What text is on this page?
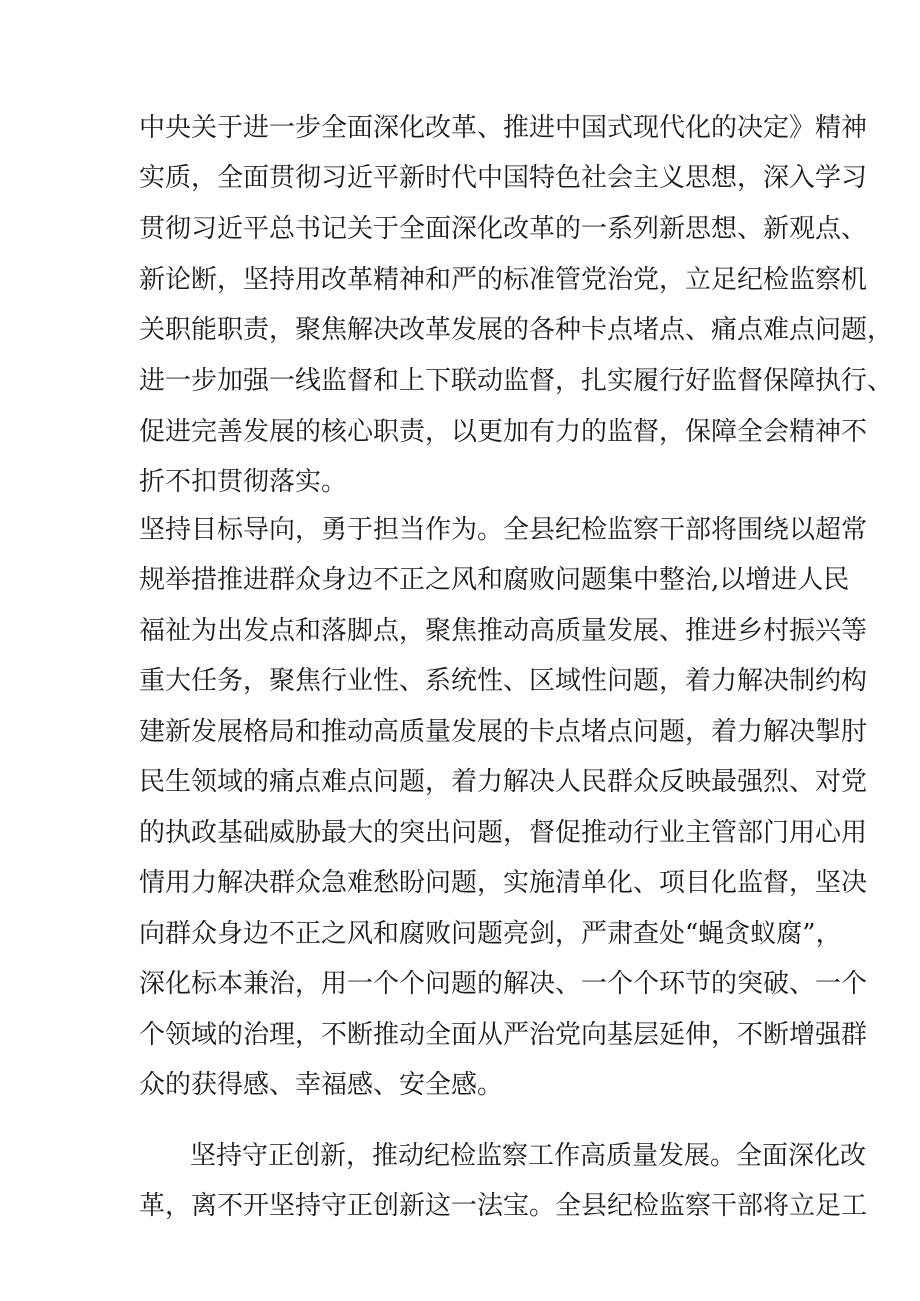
中央关于进一步全面深化改革、推进中国式现代化的决定》精神

实质，全面贯彻习近平新时代中国特色社会主义思想，深入学习

贯彻习近平总书记关于全面深化改革的一系列新思想、新观点、

新论断，坚持用改革精神和严的标准管党治党，立足纪检监察机

关职能职责，聚焦解决改革发展的各种卡点堵点、痛点难点问题，

进一步加强一线监督和上下联动监督，扎实履行好监督保障执行、

促进完善发展的核心职责，以更加有力的监督，保障全会精神不

折不扣贯彻落实。

坚持目标导向，勇于担当作为。全县纪检监察干部将围绕以超常

规举措推进群众身边不正之风和腐败问题集中整治,以增进人民

福祉为出发点和落脚点，聚焦推动高质量发展、推进乡村振兴等

重大任务，聚焦行业性、系统性、区域性问题，着力解决制约构

建新发展格局和推动高质量发展的卡点堵点问题，着力解决掣肘

民生领域的痛点难点问题，着力解决人民群众反映最强烈、对党

的执政基础威胁最大的突出问题，督促推动行业主管部门用心用

情用力解决群众急难愁盼问题，实施清单化、项目化监督，坚决

向群众身边不正之风和腐败问题亮剑，严肃查处“蝇贪蚁腐”，

深化标本兼治，用一个个问题的解决、一个个环节的突破、一个

个领域的治理，不断推动全面从严治党向基层延伸，不断增强群

众的获得感、幸福感、安全感。

坚持守正创新，推动纪检监察工作高质量发展。全面深化改

革，离不开坚持守正创新这一法宝。全县纪检监察干部将立足工
